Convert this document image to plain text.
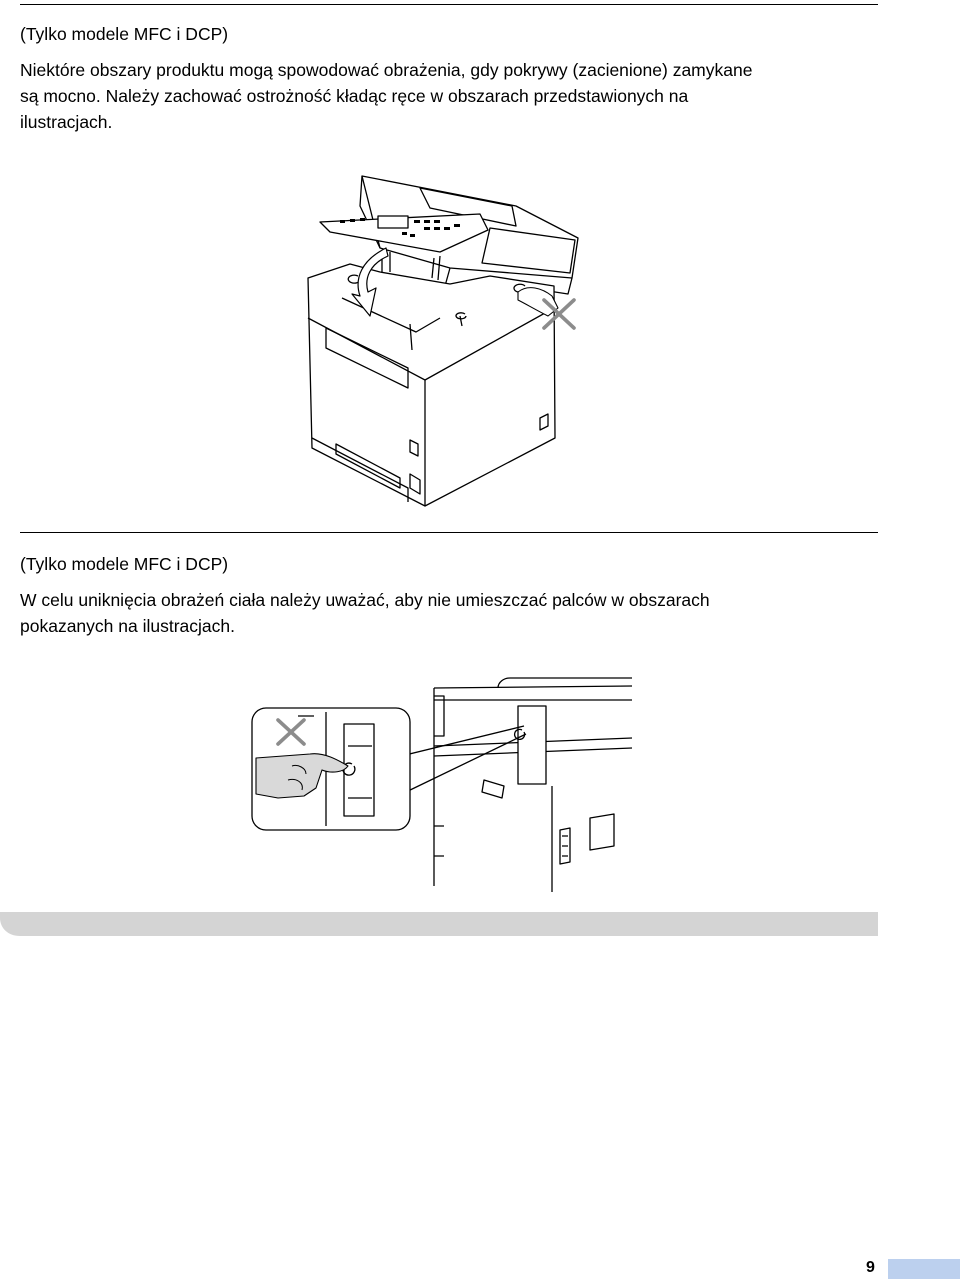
(Tylko modele MFC i DCP)
Niektóre obszary produktu mogą spowodować obrażenia, gdy pokrywy (zacienione) zamykane
są mocno. Należy zachować ostrożność kładąc ręce w obszarach przedstawionych na
ilustracjach.
(Tylko modele MFC i DCP)
W celu uniknięcia obrażeń ciała należy uważać, aby nie umieszczać palców w obszarach
pokazanych na ilustracjach.
9
